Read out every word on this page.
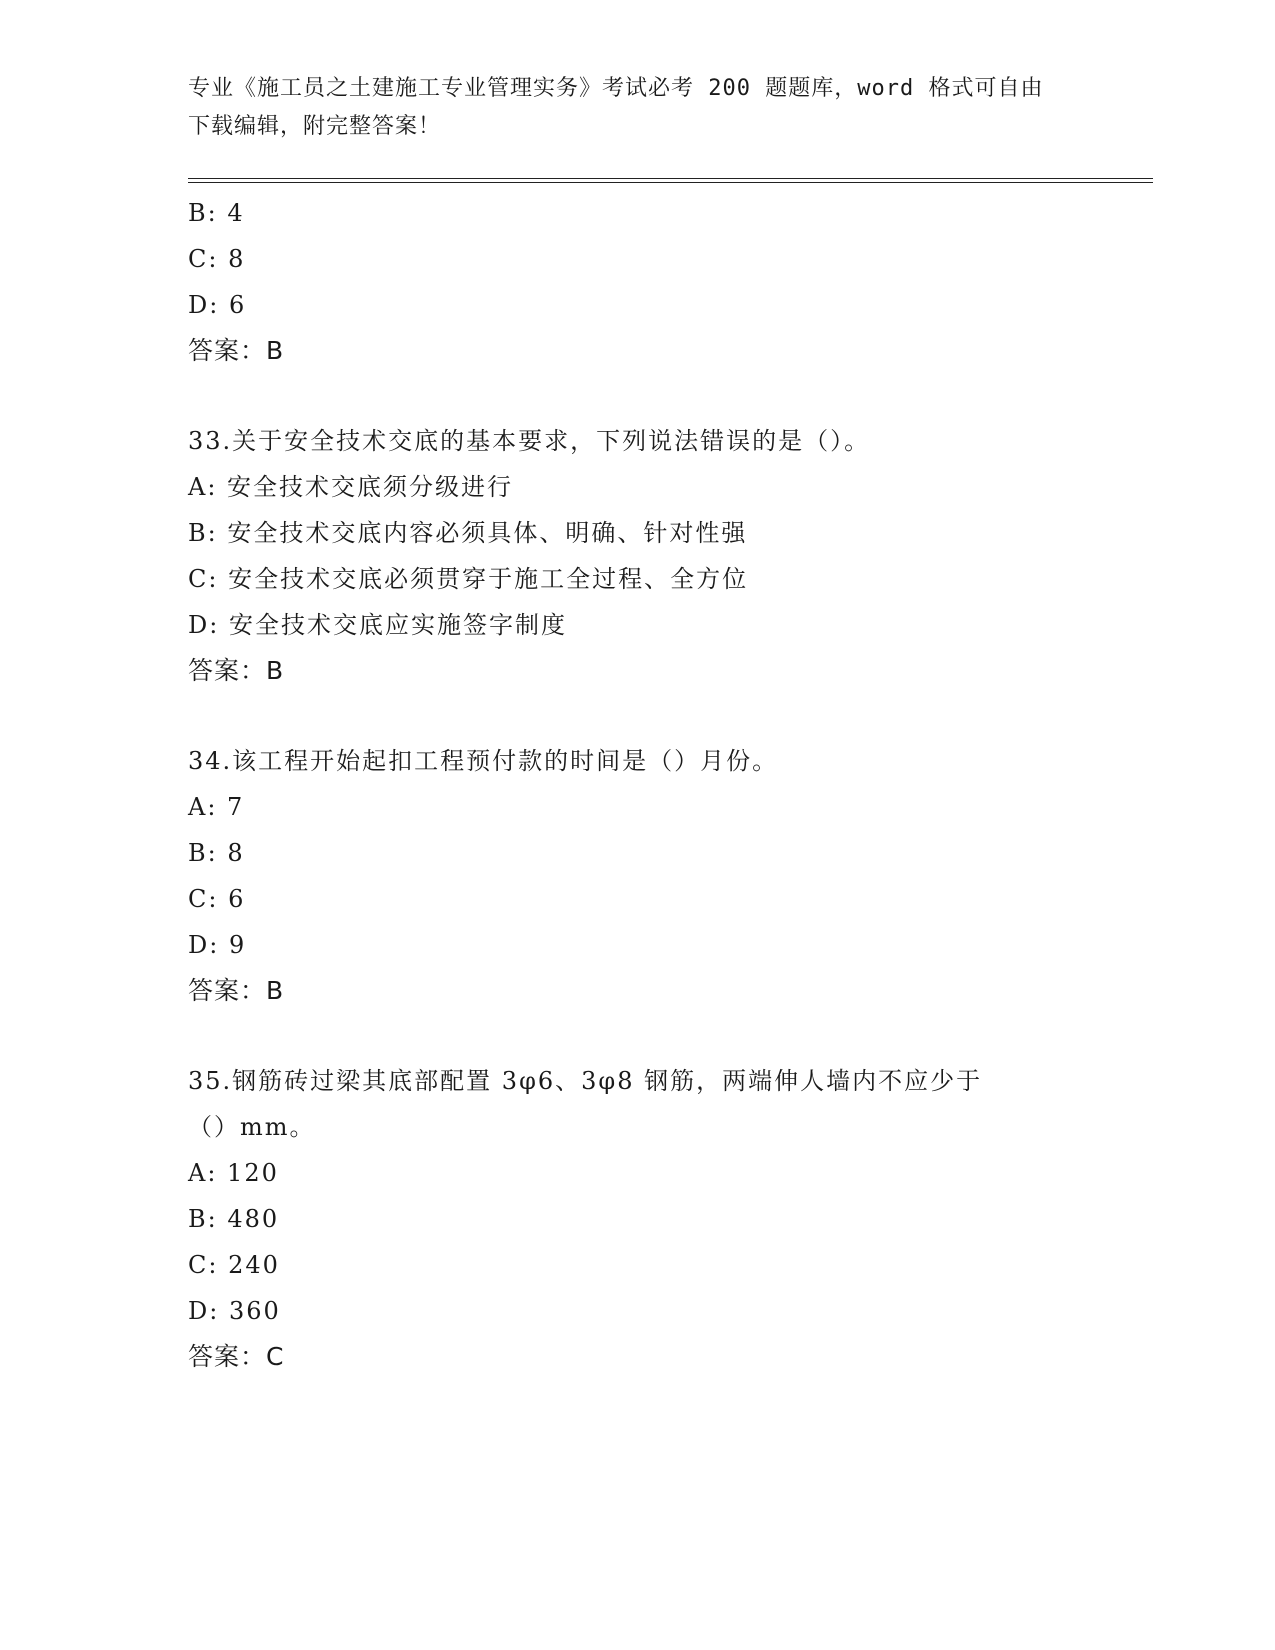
专业《施工员之土建施工专业管理实务》考试必考 200 题题库，word 格式可自由
下载编辑，附完整答案！
B: 4
C: 8
D: 6
答案：B
33.关于安全技术交底的基本要求，下列说法错误的是（）。
A: 安全技术交底须分级进行
B: 安全技术交底内容必须具体、明确、针对性强
C: 安全技术交底必须贯穿于施工全过程、全方位
D: 安全技术交底应实施签字制度
答案：B
34.该工程开始起扣工程预付款的时间是（）月份。
A: 7
B: 8
C: 6
D: 9
答案：B
35.钢筋砖过梁其底部配置 3φ6、3φ8 钢筋，两端伸人墙内不应少于
（）mm。
A: 120
B: 480
C: 240
D: 360
答案：C
